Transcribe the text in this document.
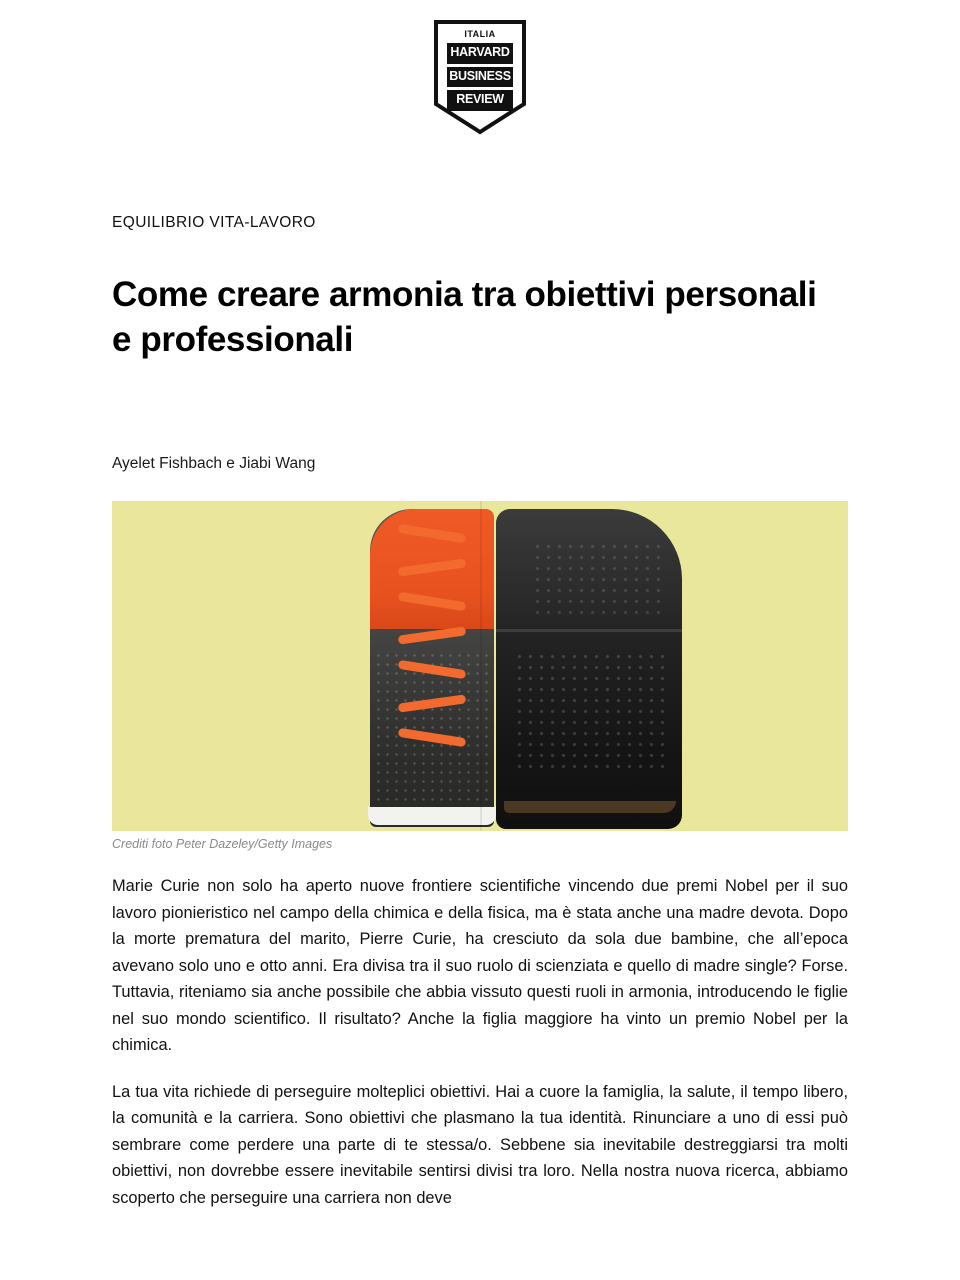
ITALIA
HARVARD
BUSINESS
REVIEW
EQUILIBRIO VITA-LAVORO
Come creare armonia tra obiettivi personali e professionali
Ayelet Fishbach e Jiabi Wang
Crediti foto Peter Dazeley/Getty Images

Marie Curie non solo ha aperto nuove frontiere scientifiche vincendo due premi Nobel per il suo lavoro pionieristico nel campo della chimica e della fisica, ma è stata anche una madre devota. Dopo la morte prematura del marito, Pierre Curie, ha cresciuto da sola due bambine, che all’epoca avevano solo uno e otto anni. Era divisa tra il suo ruolo di scienziata e quello di madre single? Forse. Tuttavia, riteniamo sia anche possibile che abbia vissuto questi ruoli in armonia, introducendo le figlie nel suo mondo scientifico. Il risultato? Anche la figlia maggiore ha vinto un premio Nobel per la chimica.

La tua vita richiede di perseguire molteplici obiettivi. Hai a cuore la famiglia, la salute, il tempo libero, la comunità e la carriera. Sono obiettivi che plasmano la tua identità. Rinunciare a uno di essi può sembrare come perdere una parte di te stessa/o. Sebbene sia inevitabile destreggiarsi tra molti obiettivi, non dovrebbe essere inevitabile sentirsi divisi tra loro. Nella nostra nuova ricerca, abbiamo scoperto che perseguire una carriera non deve
